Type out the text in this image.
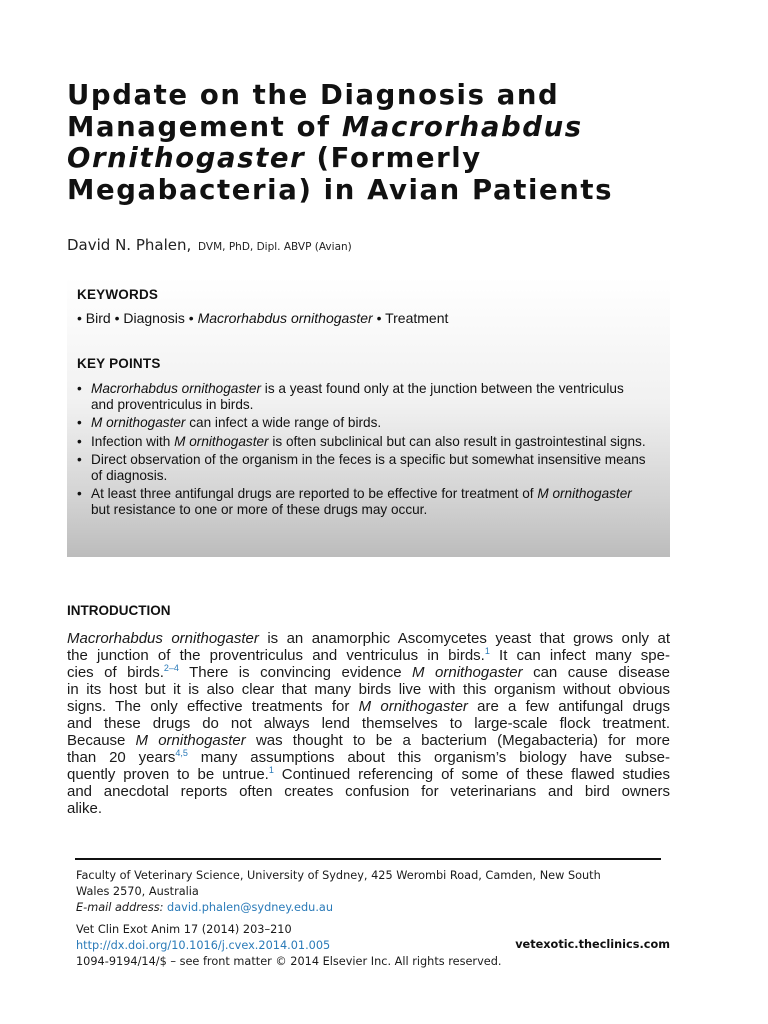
Update on the Diagnosis and
Management of Macrorhabdus
Ornithogaster (Formerly
Megabacteria) in Avian Patients
David N. Phalen, DVM, PhD, Dipl. ABVP (Avian)
KEYWORDS
• Bird • Diagnosis • Macrorhabdus ornithogaster • Treatment
KEY POINTS
• Macrorhabdus ornithogaster is a yeast found only at the junction between the ventriculus and proventriculus in birds.
• M ornithogaster can infect a wide range of birds.
• Infection with M ornithogaster is often subclinical but can also result in gastrointestinal signs.
• Direct observation of the organism in the feces is a specific but somewhat insensitive means of diagnosis.
• At least three antifungal drugs are reported to be effective for treatment of M ornithogaster but resistance to one or more of these drugs may occur.
INTRODUCTION
Macrorhabdus ornithogaster is an anamorphic Ascomycetes yeast that grows only at
the junction of the proventriculus and ventriculus in birds.$^1$ It can infect many spe-
cies of birds.$^{2-4}$ There is convincing evidence M ornithogaster can cause disease
in its host but it is also clear that many birds live with this organism without obvious
signs. The only effective treatments for M ornithogaster are a few antifungal drugs
and these drugs do not always lend themselves to large-scale flock treatment.
Because M ornithogaster was thought to be a bacterium (Megabacteria) for more
than 20 years$^{4,5}$ many assumptions about this organism’s biology have subse-
quently proven to be untrue.$^1$ Continued referencing of some of these flawed studies
and anecdotal reports often creates confusion for veterinarians and bird owners
alike.
Faculty of Veterinary Science, University of Sydney, 425 Werombi Road, Camden, New South
Wales 2570, Australia
E-mail address: david.phalen@sydney.edu.au
Vet Clin Exot Anim 17 (2014) 203–210
http://dx.doi.org/10.1016/j.cvex.2014.01.005
1094-9194/14/$ – see front matter © 2014 Elsevier Inc. All rights reserved.
vetexotic.theclinics.com
